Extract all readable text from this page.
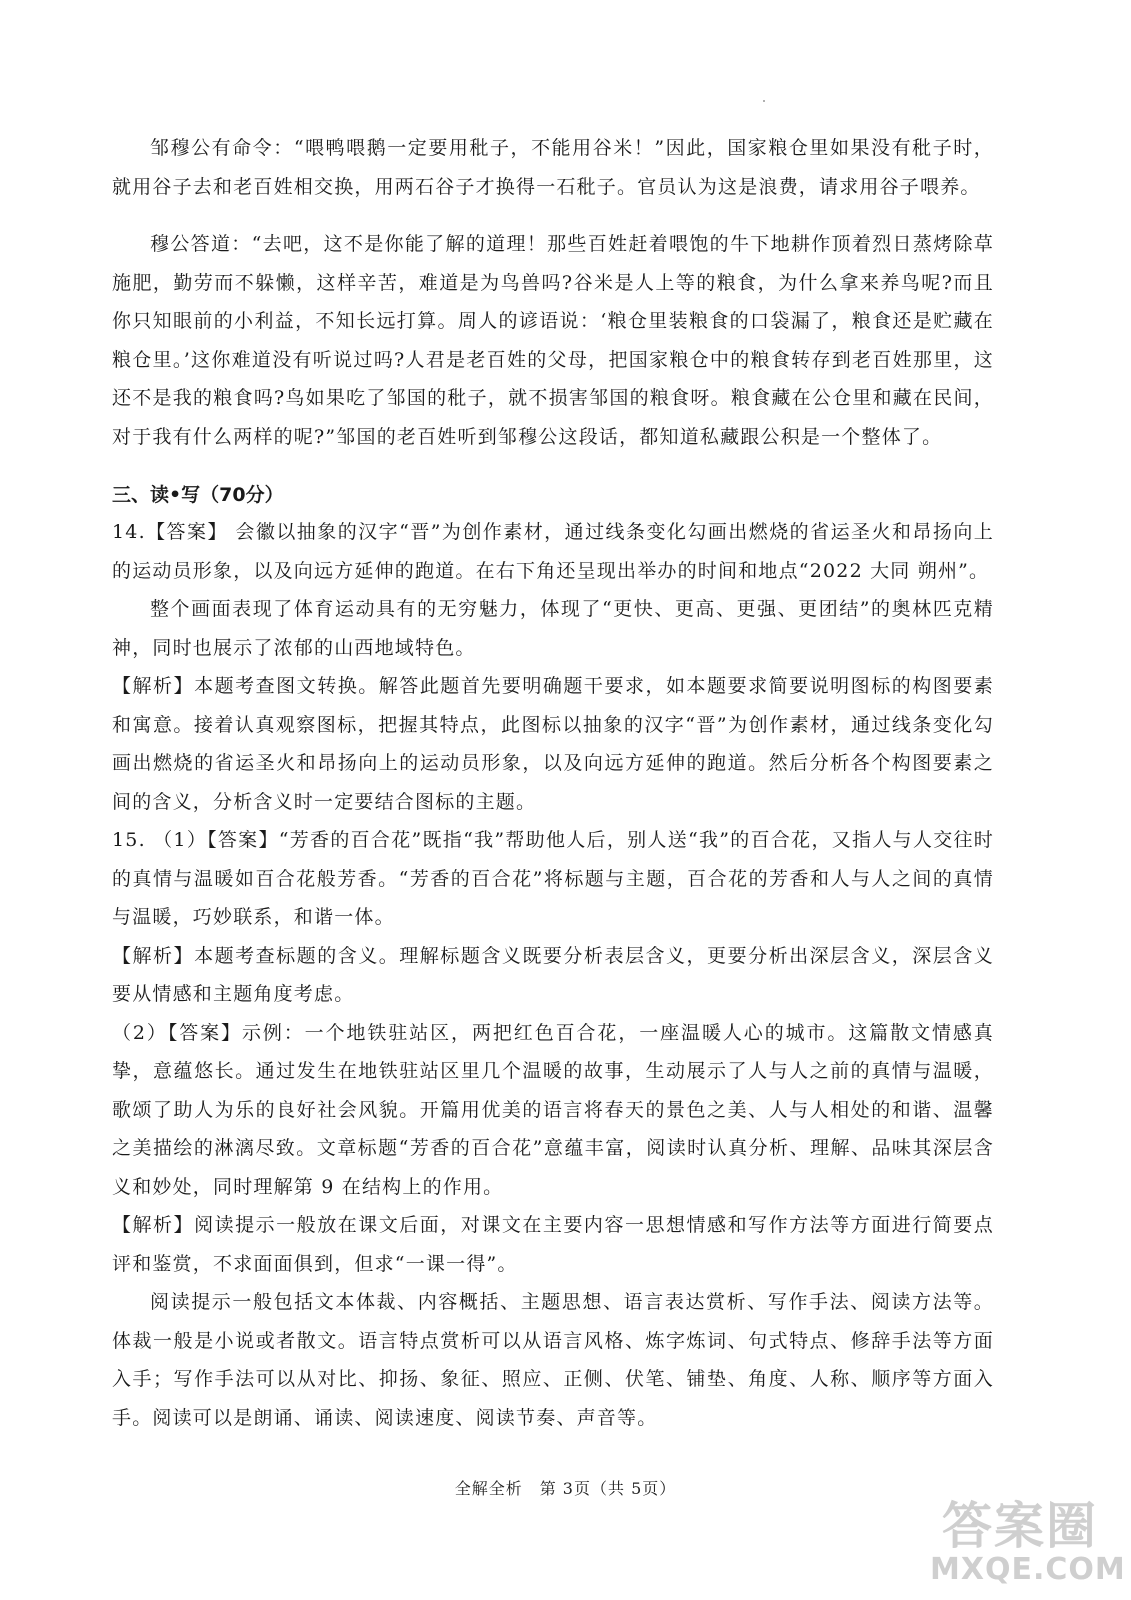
邹穆公有命令：“喂鸭喂鹅一定要用秕子，不能用谷米！”因此，国家粮仓里如果没有秕子时，就用谷子去和老百姓相交换，用两石谷子才换得一石秕子。官员认为这是浪费，请求用谷子喂养。

穆公答道：“去吧，这不是你能了解的道理！那些百姓赶着喂饱的牛下地耕作顶着烈日蒸烤除草施肥，勤劳而不躲懒，这样辛苦，难道是为鸟兽吗?谷米是人上等的粮食，为什么拿来养鸟呢?而且你只知眼前的小利益，不知长远打算。周人的谚语说：‘粮仓里装粮食的口袋漏了，粮食还是贮藏在粮仓里。’这你难道没有听说过吗?人君是老百姓的父母，把国家粮仓中的粮食转存到老百姓那里，这还不是我的粮食吗?鸟如果吃了邹国的秕子，就不损害邹国的粮食呀。粮食藏在公仓里和藏在民间，对于我有什么两样的呢?”邹国的老百姓听到邹穆公这段话，都知道私藏跟公积是一个整体了。

三、读•写（70分）

14.【答案】 会徽以抽象的汉字“晋”为创作素材，通过线条变化勾画出燃烧的省运圣火和昂扬向上的运动员形象，以及向远方延伸的跑道。在右下角还呈现出举办的时间和地点“2022 大同 朔州”。

整个画面表现了体育运动具有的无穷魅力，体现了“更快、更高、更强、更团结”的奥林匹克精神，同时也展示了浓郁的山西地域特色。

【解析】本题考查图文转换。解答此题首先要明确题干要求，如本题要求简要说明图标的构图要素和寓意。接着认真观察图标，把握其特点，此图标以抽象的汉字“晋”为创作素材，通过线条变化勾画出燃烧的省运圣火和昂扬向上的运动员形象，以及向远方延伸的跑道。然后分析各个构图要素之间的含义，分析含义时一定要结合图标的主题。

15. （1）【答案】“芳香的百合花”既指“我”帮助他人后，别人送“我”的百合花，又指人与人交往时的真情与温暖如百合花般芳香。“芳香的百合花”将标题与主题，百合花的芳香和人与人之间的真情与温暖，巧妙联系，和谐一体。

【解析】本题考查标题的含义。理解标题含义既要分析表层含义，更要分析出深层含义，深层含义要从情感和主题角度考虑。

（2）【答案】示例：一个地铁驻站区，两把红色百合花，一座温暖人心的城市。这篇散文情感真挚，意蕴悠长。通过发生在地铁驻站区里几个温暖的故事，生动展示了人与人之前的真情与温暖，歌颂了助人为乐的良好社会风貌。开篇用优美的语言将春天的景色之美、人与人相处的和谐、温馨之美描绘的淋漓尽致。文章标题“芳香的百合花”意蕴丰富，阅读时认真分析、理解、品味其深层含义和妙处，同时理解第 9 在结构上的作用。

【解析】阅读提示一般放在课文后面，对课文在主要内容一思想情感和写作方法等方面进行简要点评和鉴赏，不求面面俱到，但求“一课一得”。

阅读提示一般包括文本体裁、内容概括、主题思想、语言表达赏析、写作手法、阅读方法等。体裁一般是小说或者散文。语言特点赏析可以从语言风格、炼字炼词、句式特点、修辞手法等方面入手；写作手法可以从对比、抑扬、象征、照应、正侧、伏笔、铺垫、角度、人称、顺序等方面入手。阅读可以是朗诵、诵读、阅读速度、阅读节奏、声音等。

全解全析　第 3页（共 5页）
答案圈
MXQE.COM
